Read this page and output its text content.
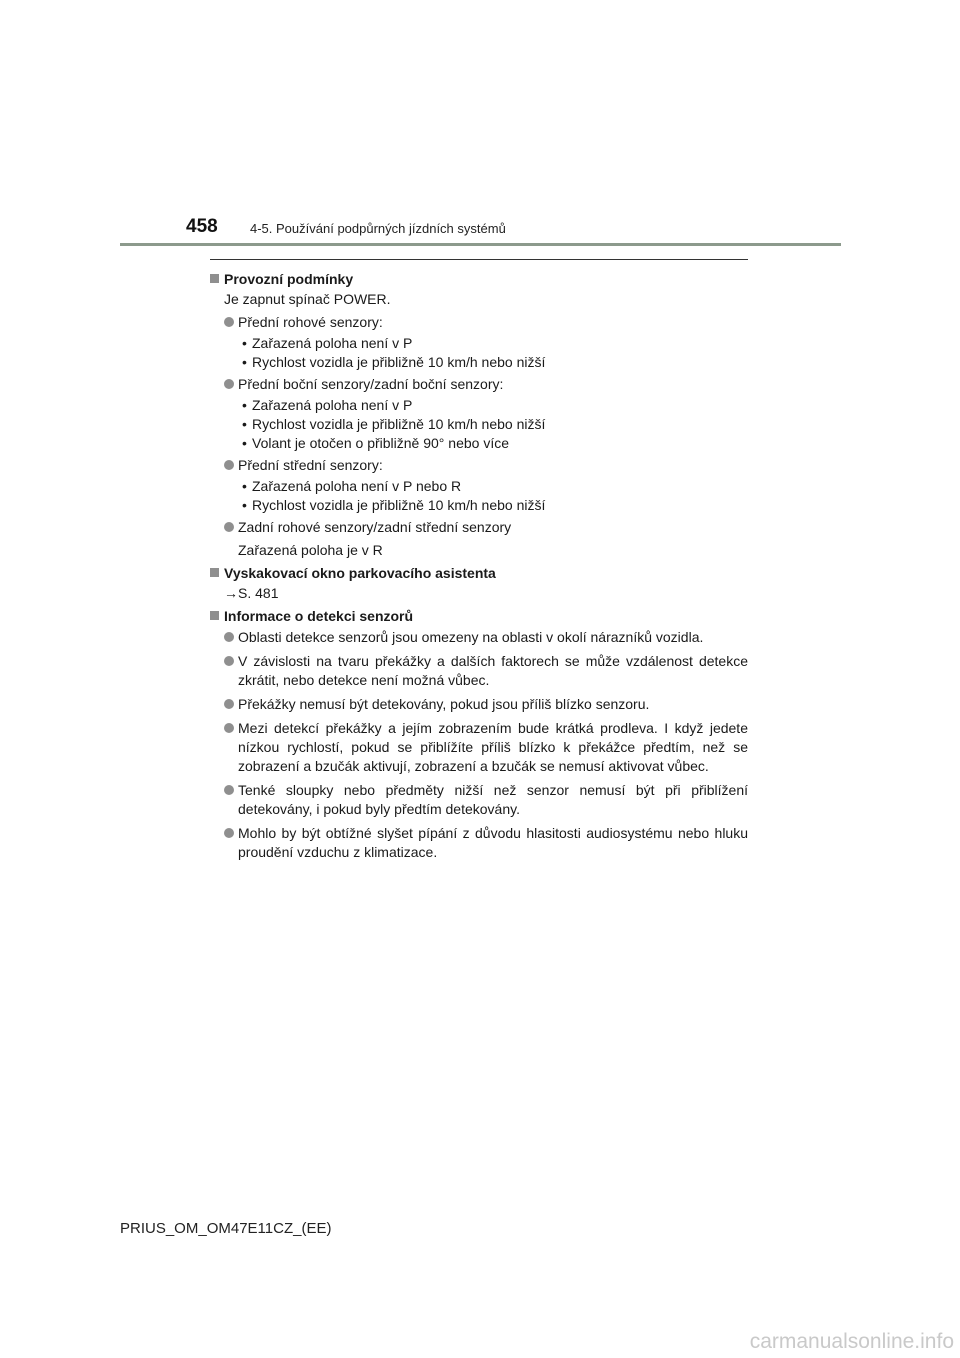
458 4-5. Používání podpůrných jízdních systémů
Provozní podmínky
Je zapnut spínač POWER.
Přední rohové senzory:
• Zařazená poloha není v P
• Rychlost vozidla je přibližně 10 km/h nebo nižší
Přední boční senzory/zadní boční senzory:
• Zařazená poloha není v P
• Rychlost vozidla je přibližně 10 km/h nebo nižší
• Volant je otočen o přibližně 90° nebo více
Přední střední senzory:
• Zařazená poloha není v P nebo R
• Rychlost vozidla je přibližně 10 km/h nebo nižší
Zadní rohové senzory/zadní střední senzory
Zařazená poloha je v R
Vyskakovací okno parkovacího asistenta
→S. 481
Informace o detekci senzorů
Oblasti detekce senzorů jsou omezeny na oblasti v okolí nárazníků vozidla.
V závislosti na tvaru překážky a dalších faktorech se může vzdálenost detekce zkrátit, nebo detekce není možná vůbec.
Překážky nemusí být detekovány, pokud jsou příliš blízko senzoru.
Mezi detekcí překážky a jejím zobrazením bude krátká prodleva. I když jedete nízkou rychlostí, pokud se přiblížíte příliš blízko k překážce předtím, než se zobrazení a bzučák aktivují, zobrazení a bzučák se nemusí aktivovat vůbec.
Tenké sloupky nebo předměty nižší než senzor nemusí být při přiblížení detekovány, i pokud byly předtím detekovány.
Mohlo by být obtížné slyšet pípání z důvodu hlasitosti audiosystému nebo hluku proudění vzduchu z klimatizace.
PRIUS_OM_OM47E11CZ_(EE)
carmanualsonline.info
